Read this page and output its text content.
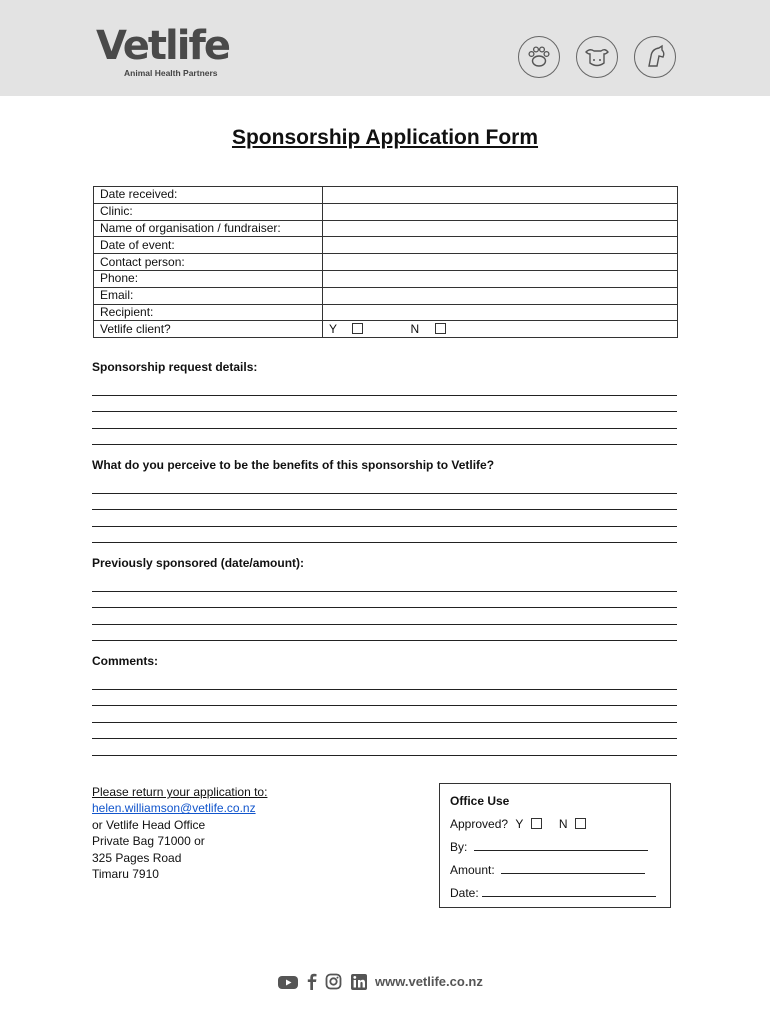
Vetlife
Animal Health Partners
Sponsorship Application Form
Date received:	
Clinic:	
Name of organisation / fundraiser:	
Date of event:	
Contact person:	
Phone:	
Email:	
Recipient:	
Vetlife client?	Y N
Sponsorship request details:
What do you perceive to be the benefits of this sponsorship to Vetlife?
Previously sponsored (date/amount):
Comments:
Please return your application to:
helen.williamson@vetlife.co.nz
or Vetlife Head Office
Private Bag 71000 or
325 Pages Road
Timaru 7910
Office Use
Approved? Y	N
By:
Amount:
Date:
www.vetlife.co.nz
